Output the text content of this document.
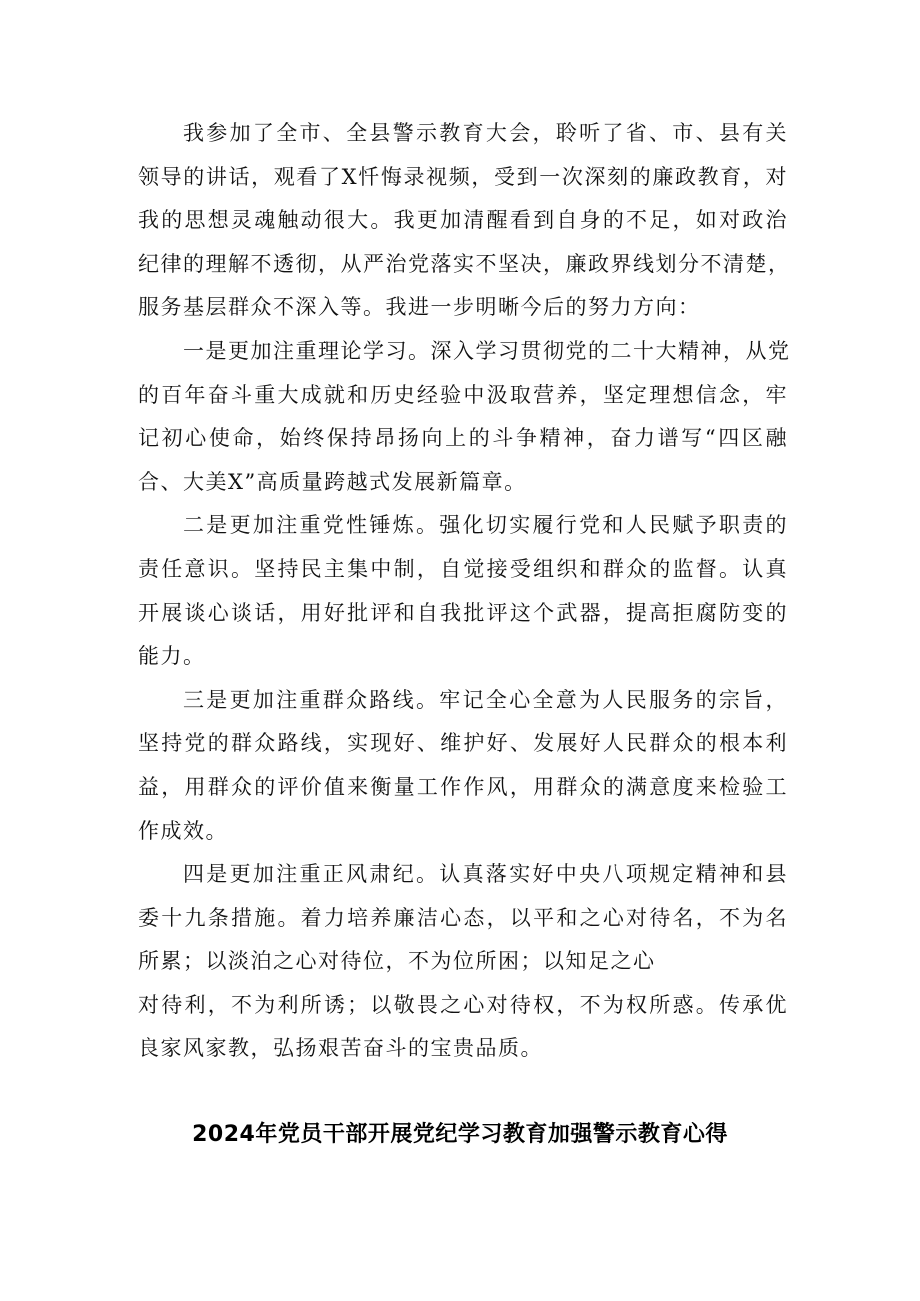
我参加了全市、全县警示教育大会，聆听了省、市、县有关
领导的讲话，观看了X忏悔录视频，受到一次深刻的廉政教育，对
我的思想灵魂触动很大。我更加清醒看到自身的不足，如对政治
纪律的理解不透彻，从严治党落实不坚决，廉政界线划分不清楚，
服务基层群众不深入等。我进一步明晰今后的努力方向：
一是更加注重理论学习。深入学习贯彻党的二十大精神，从党
的百年奋斗重大成就和历史经验中汲取营养，坚定理想信念，牢
记初心使命，始终保持昂扬向上的斗争精神，奋力谱写“四区融
合、大美X”高质量跨越式发展新篇章。
二是更加注重党性锤炼。强化切实履行党和人民赋予职责的
责任意识。坚持民主集中制，自觉接受组织和群众的监督。认真
开展谈心谈话，用好批评和自我批评这个武器，提高拒腐防变的
能力。
三是更加注重群众路线。牢记全心全意为人民服务的宗旨，
坚持党的群众路线，实现好、维护好、发展好人民群众的根本利
益，用群众的评价值来衡量工作作风，用群众的满意度来检验工
作成效。
四是更加注重正风肃纪。认真落实好中央八项规定精神和县
委十九条措施。着力培养廉洁心态，以平和之心对待名，不为名
所累；以淡泊之心对待位，不为位所困；以知足之心
对待利，不为利所诱；以敬畏之心对待权，不为权所惑。传承优
良家风家教，弘扬艰苦奋斗的宝贵品质。
2024年党员干部开展党纪学习教育加强警示教育心得
